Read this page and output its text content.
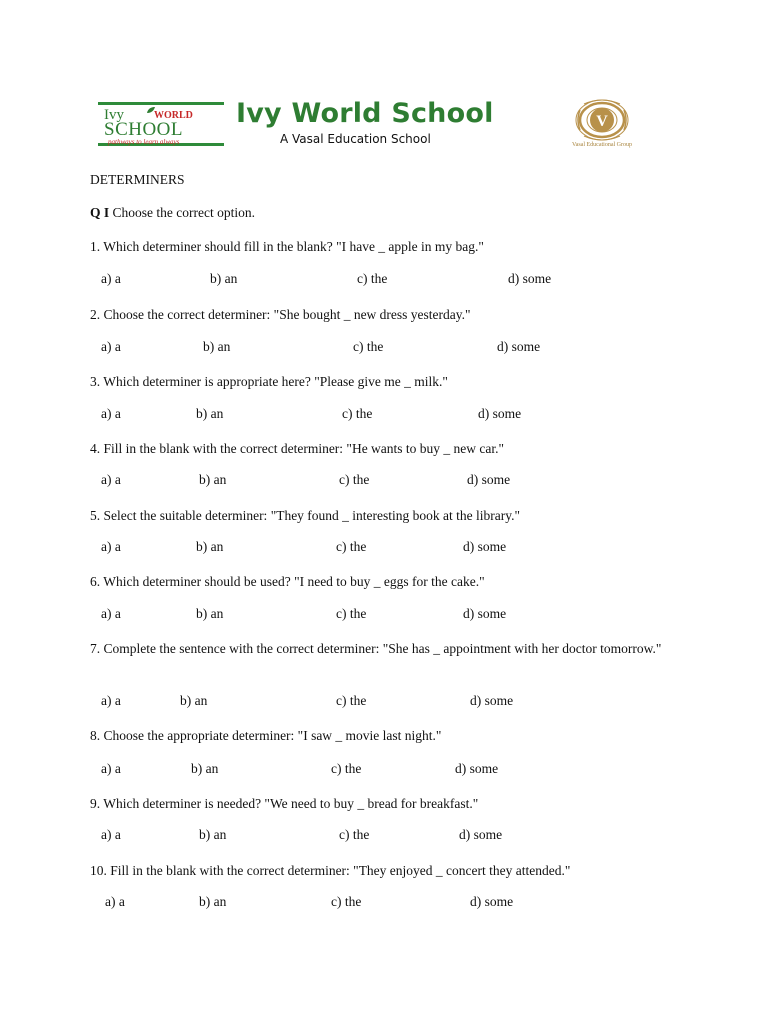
Ivy	WORLD
SCHOOL
pathways to learn always
Ivy World School
A Vasal Education School
V
Vasal Educational Group
DETERMINERS
Q I Choose the correct option.
1. Which determiner should fill in the blank? "I have _ apple in my bag."
a) a	b) an	c) the	d) some
2. Choose the correct determiner: "She bought _ new dress yesterday."
a) a	b) an	c) the	d) some
3. Which determiner is appropriate here? "Please give me _ milk."
a) a	b) an	c) the	d) some
4. Fill in the blank with the correct determiner: "He wants to buy _ new car."
a) a	b) an	c) the	d) some
5. Select the suitable determiner: "They found _ interesting book at the library."
a) a	b) an	c) the	d) some
6. Which determiner should be used? "I need to buy _ eggs for the cake."
a) a	b) an	c) the	d) some
7. Complete the sentence with the correct determiner: "She has _ appointment with her doctor tomorrow."
a) a	b) an	c) the	d) some
8. Choose the appropriate determiner: "I saw _ movie last night."
a) a	b) an	c) the	d) some
9. Which determiner is needed? "We need to buy _ bread for breakfast."
a) a	b) an	c) the	d) some
10. Fill in the blank with the correct determiner: "They enjoyed _ concert they attended."
a) a	b) an	c) the	d) some
